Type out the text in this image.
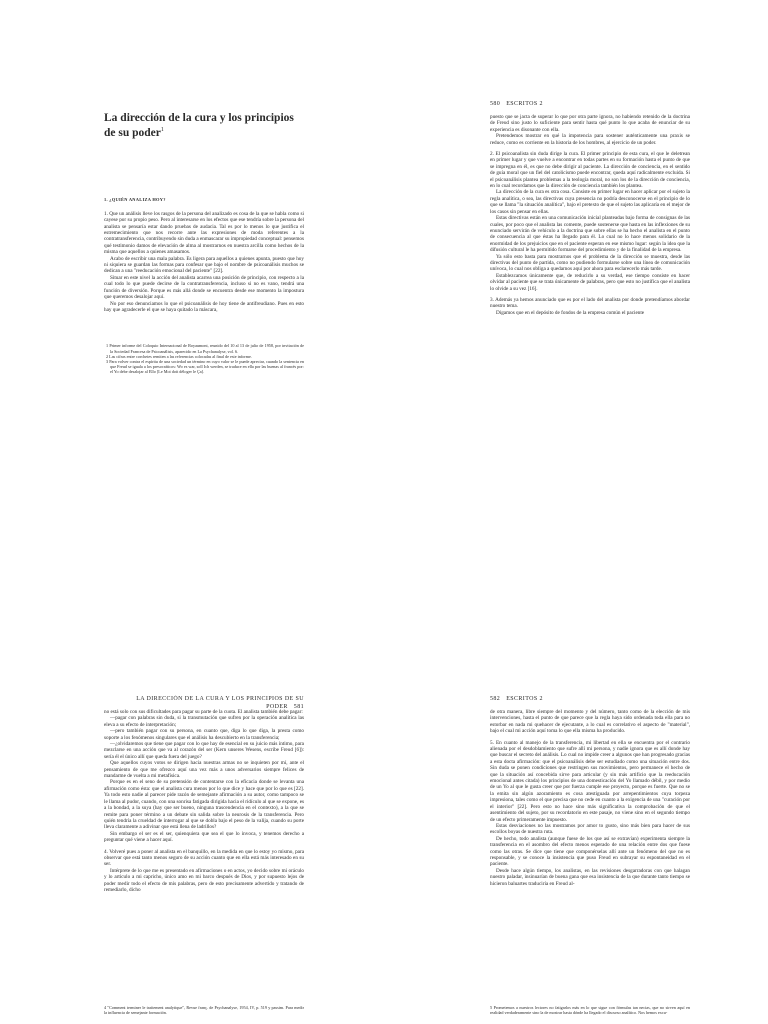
La dirección de la cura y los principios de su poder$^1$
1. ¿QUIÉN ANALIZA HOY?

1. Que un análisis lleve los rasgos de la persona del analizado es cosa de la que se habla como si cayese por su propio peso. Pero al interesarse en los efectos que ese tendría sobre la persona del analista se pensaría estar dando pruebas de audacia. Tal es por lo menos lo que justifica el estremecimiento que nos recorre ante las expresiones de moda referentes a la contratransferencia, contribuyendo sin duda a enmascarar su impropiedad conceptual: pensemos qué testimonio damos de elevación de alma al mostrarnos en nuestra arcilla como hechos de la misma que aquellos a quienes amasamos.

Acabo de escribir una mala palabra. Es ligera para aquellos a quienes apunta, puesto que hoy ni siquiera se guardan las formas para confesar que bajo el nombre de psicoanálisis muchos se dedican a una "reeducación emocional del paciente" [22].

Situar en este nivel la acción del analista acarrea una posición de principio, con respecto a la cual todo lo que puede decirse de la contratransferencia, incluso si no es vano, tendrá una función de diversión. Porque es más allá donde se encuentra desde ese momento la impostura que queremos desalojar aquí.

No por eso denunciamos lo que el psicoanálisis de hoy tiene de antifreudiano. Pues en esto hay que agradecerle el que se haya quitado la máscara,

1 Primer informe del Coloquio Internacional de Royaumont, reunido del 10 al 13 de julio de 1958, por invitación de la Sociedad Francesa de Psicoanálisis, aparecido en La Psychanalyse, vol. 6.

2 Las cifras entre corchetes remiten a las referencias colocadas al final de este informe.

3 Para volver contra el espíritu de una sociedad un término en cuyo valor se le puede apreciar, cuando la sentencia en que Freud se iguala a los presocráticos: Wo es war, soll Ich werden, se traduce en ella por las buenas al francés por: el Yo debe desalojar al Ello [Le Moi doit déloger le Ça].

580 ESCRITOS 2

puesto que se jacta de superar lo que por otra parte ignora, no habiendo retenido de la doctrina de Freud sino justo lo suficiente para sentir hasta qué punto lo que acaba de enunciar de su experiencia es disonante con ella.

Pretendemos mostrar en qué la impotencia para sostener auténticamente una praxis se reduce, como es corriente en la historia de los hombres, al ejercicio de un poder.

2. El psicoanalista sin duda dirige la cura. El primer principio de esta cura, el que le deletrean en primer lugar y que vuelve a encontrar en todas partes en su formación hasta el punto de que se impregna en él, es que no debe dirigir al paciente. La dirección de conciencia, en el sentido de guía moral que un fiel del catolicismo puede encontrar, queda aquí radicalmente excluida. Si el psicoanálisis plantea problemas a la teología moral, no son los de la dirección de conciencia, en lo cual recordamos que la dirección de conciencia también los plantea.

La dirección de la cura es otra cosa. Consiste en primer lugar en hacer aplicar por el sujeto la regla analítica, o sea, las directivas cuya presencia no podría desconocerse en el principio de lo que se llama "la situación analítica", bajo el pretexto de que el sujeto las aplicaría en el mejor de los casos sin pensar en ellas.

Estas directivas están en una comunicación inicial planteadas bajo forma de consignas de las cuales, por poco que el analista las comente, puede sostenerse que hasta en las inflexiones de su enunciado servirán de vehículo a la doctrina que sobre ellas se ha hecho el analista en el punto de consecuencia al que éstas ha llegado para él. Lo cual no lo hace menos solidario de la enormidad de los prejuicios que en el paciente esperan en ese mismo lugar: según la idea que la difusión cultural le ha permitido formarse del procedimiento y de la finalidad de la empresa.

Ya sólo esto basta para mostrarnos que el problema de la dirección se muestra, desde las directivas del punto de partida, como no pudiendo formularse sobre una línea de comunicación unívoca, lo cual nos obliga a quedarnos aquí por ahora para esclarecerlo más tarde.

Establezcamos únicamente que, de reducirlo a su verdad, ese tiempo consiste en hacer olvidar al paciente que se trata únicamente de palabras, pero que esto no justifica que el analista lo olvide a su vez [16].

3. Además ya hemos anunciado que es por el lado del analista por donde pretendíamos abordar nuestro tema.

Digamos que en el depósito de fondos de la empresa común el paciente

LA DIRECCIÓN DE LA CURA Y LOS PRINCIPIOS DE SU PODER 581

no está solo con sus dificultades para pagar su parte de la cuota. El analista también debe pagar:

—pagar con palabras sin duda, si la transmutación que sufren por la operación analítica las eleva a su efecto de interpretación;

—pero también pagar con su persona, en cuanto que, diga lo que diga, la presta como soporte a los fenómenos singulares que el análisis ha descubierto en la transferencia;

—¿olvidaremos que tiene que pagar con lo que hay de esencial en su juicio más íntimo, para mezclarse en una acción que va al corazón del ser (Kern unseres Wesens, escribe Freud [6]): sería él el único allí que queda fuera del juego?

Que aquellos cuyos votos se dirigen hacia nuestras armas no se inquieten por mí, ante el pensamiento de que me ofrezco aquí una vez más a unos adversarios siempre felices de mandarme de vuelta a mi metafísica.

Porque es en el seno de su pretensión de contentarse con la eficacia donde se levanta una afirmación como ésta: que el analista cura menos por lo que dice y hace que por lo que es [22]. Ya todo esto nadie al parecer pide razón de semejante afirmación a su autor, como tampoco se le llama al pudor, cuando, con una sonrisa fatigada dirigida hacia el ridículo al que se expone, es a la bondad, a la suya (hay que ser bueno, ninguna trascendencia en el contexto), a la que se remite para poner término a un debate sin salida sobre la neurosis de la transferencia. Pero quién tendría la crueldad de interrogar al que se dobla bajo el peso de la valija, cuando su porte lleva claramente a adivinar que está llena de ladrillos?

Sin embargo el ser es el ser, quienquiera que sea el que lo invoca, y tenemos derecho a preguntar qué viene a hacer aquí.

4. Volveré pues a poner al analista en el banquillo, en la medida en que lo estoy yo mismo, para observar que está tanto menos seguro de su acción cuanto que en ella está más interesado en su ser.

Intérprete de lo que me es presentado en afirmaciones o en actos, yo decido sobre mi oráculo y lo articulo a mi capricho, único amo en mi barco después de Dios, y por supuesto lejos de poder medir todo el efecto de mis palabras, pero de esto precisamente advertido y tratando de remediarlo, dicho

4 "Comment terminer le traitement analytique", Revue franç. de Psychanalyse, 1954, IV, p. 519 y passim. Para medir la influencia de semejante formación.

582 ESCRITOS 2

de otra manera, libre siempre del momento y del número, tanto como de la elección de mis intervenciones, hasta el punto de que parece que la regla haya sido ordenada toda ella para no estorbar en nada mi quehacer de ejecutante, a lo cual es correlativo el aspecto de "material", bajo el cual mi acción aquí toma lo que ella misma ha producido.

5. En cuanto al manejo de la transferencia, mi libertad en ella se encuentra por el contrario alienada por el desdoblamiento que sufre allí mi persona, y nadie ignora que es allí donde hay que buscar el secreto del análisis. Lo cual no impide creer a algunos que han progresado gracias a esta docta afirmación: que el psicoanálisis debe ser estudiado como una situación entre dos. Sin duda se ponen condiciones que restringen sus movimientos, pero permanece el hecho de que la situación así concebida sirve para articular (y sin más artificio que la reeducación emocional antes citada) los principios de una domesticación del Yo llamado débil, y por medio de un Yo al que le gusta creer que por fuerza cumple ese proyecto, porque es fuerte. Que no se la emita sin algún azoramiento es cosa atestiguada por arrepentimientos cuya torpeza impresiona, tales como el que precisa que no cede en cuanto a la exigencia de una "curación por el interior" [22]. Pero esto no hace sino más significativa la comprobación de que el asentimiento del sujeto, por su recordatorio en este pasaje, no viene sino en el segundo tiempo de un efecto primeramente impuesto.

Estas desviaciones no las mostramos por amor to gusto, sino más bien para hacer de sus escollos boyas de nuestra ruta.

De hecho, todo analista (aunque fuese de los que así se extravían) experimenta siempre la transferencia en el asombro del efecto menos esperado de una relación entre dos que fuese como las otras. Se dice que tiene que componérselas allí ante un fenómeno del que no es responsable, y se conoce la insistencia que puso Freud en subrayar su espontaneidad en el paciente.

Desde hace algún tiempo, los analistas, en las revisiones desgarradoras con que halagan nuestro paladar, insinuarían de buena gana que esa insistencia de la que durante tanto tiempo se hicieron baluartes traduciría en Freud al-

5 Prometemos a nuestros lectores no fatigarlos más en lo que sigue con fórmulas tan necias, que no sirven aquí en realidad verdaderamente sino la de mostrar hasta dónde ha llegado el discurso analítico. Nos hemos excu-
